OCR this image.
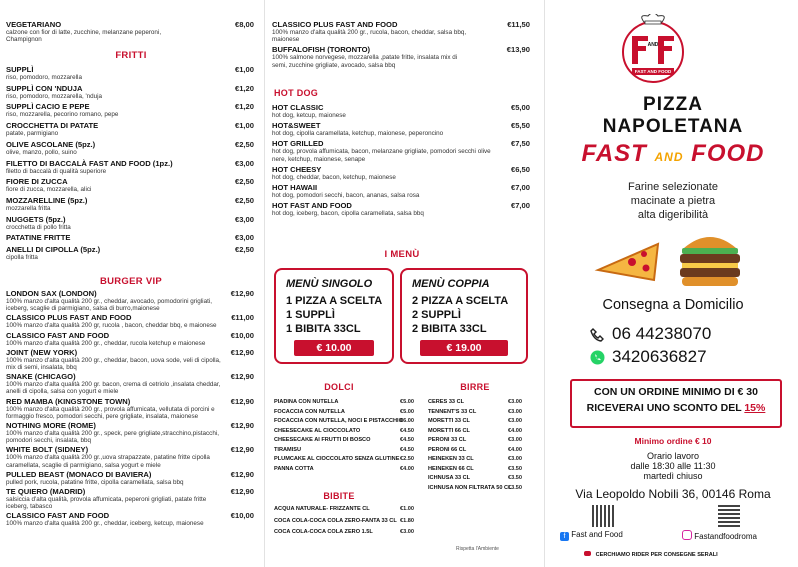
VEGETARIANO	€8,00
calzone con fior di latte, zucchine, melanzane peperoni, Champignon
FRITTI
SUPPLÌ	€1,00
riso, pomodoro, mozzarella
SUPPLÌ CON 'NDUJA	€1,20
riso, pomodoro, mozzarella, 'nduja
SUPPLÌ CACIO E PEPE	€1,20
riso, mozzarella, pecorino romano, pepe
CROCCHETTA DI PATATE	€1,00
patate, parmigiano
OLIVE ASCOLANE (5pz.)	€2,50
olive, manzo, pollo, suino
FILETTO DI BACCALÀ FAST AND FOOD (1pz.)	€3,00
filetto di baccalà di qualità superiore
FIORE DI ZUCCA	€2,50
fiore di zucca, mozzarella, alici
MOZZARELLINE (5pz.)	€2,50
mozzarella fritta
NUGGETS (5pz.)	€3,00
crocchetta di pollo fritta
PATATINE FRITTE	€3,00
ANELLI DI CIPOLLA (5pz.)	€2,50
cipolla fritta
BURGER VIP
LONDON SAX (LONDON)	€12,90
100% manzo d'alta qualità 200 gr., cheddar, avocado, pomodorini grigliati, iceberg, scaglie di parmigiano, salsa di burro,maionese
CLASSICO PLUS FAST AND FOOD	€11,00
100% manzo d'alta qualità 200 gr, rucola , bacon, cheddar bbq, e maionese
CLASSICO FAST AND FOOD	€10,00
100% manzo d'alta qualità 200 gr., cheddar, rucola ketchup e maionese
JOINT (NEW YORK)	€12,90
100% manzo d'alta qualità 200 gr., cheddar, bacon, uova sode, veli di cipolla, mix di semi, insalata, bbq
SNAKE (CHICAGO)	€12,90
100% manzo d'alta qualità 200 gr. bacon, crema di cetriolo ,insalata cheddar, anelli di cipolla, salsa con yogurt e miele
RED MAMBA (KINGSTONE TOWN)	€12,90
100% manzo d'alta qualità 200 gr., provola affumicata, vellutata di porcini e formaggio fresco, pomodori secchi, pere grigliate, insalata, maionese
NOTHING MORE (ROME)	€12,90
100% manzo d'alta qualità 200 gr., speck, pere grigliate,stracchino,pistacchi, pomodori secchi, insalata, bbq
WHITE BOLT (SIDNEY)	€12,90
100% manzo d'alta qualità 200 gr.,uova strapazzate, patatine fritte cipolla caramellata, scaglie di parmigiano, salsa yogurt e miele
PULLED BEAST (MONACO DI BAVIERA)	€12,90
pulled pork, rucola, patatine fritte, cipolla caramellata, salsa bbq
TE QUIERO (MADRID)	€12,90
salsiccia d'alta qualità, provola affumicata, peperoni grigliati, patate fritte iceberg, tabasco
CLASSICO FAST AND FOOD	€10,00
100% manzo d'alta qualità 200 gr., cheddar, iceberg, ketcup, maionese
CLASSICO PLUS FAST AND FOOD	€11,50
100% manzo d'alta qualità 200 gr., rucola, bacon, cheddar, salsa bbq, maionese
BUFFALOFISH (TORONTO)	€13,90
100% salmone norvegese, mozzarella ,patate fritte, insalata mix di semi, zucchine grigliate, avocado, salsa bbq
HOT DOG
HOT CLASSIC	€5,00
hot dog, ketcup, maionese
HOT&SWEET	€5,50
hot dog, cipolla caramellata, ketchup, maionese, peperoncino
HOT GRILLED	€7,50
hot dog, provola affumicata, bacon, melanzane grigliate, pomodori secchi olive nere, ketchup, maionese, senape
HOT CHEESY	€6,50
hot dog, cheddar, bacon, ketchup, maionese
HOT HAWAII	€7,00
hot dog, pomodori secchi, bacon, ananas, salsa rosa
HOT FAST AND FOOD	€7,00
hot dog, iceberg, bacon, cipolla caramellata, salsa bbq
I MENÙ
MENÙ SINGOLO
1 PIZZA A SCELTA
1 SUPPLÌ
1 BIBITA 33CL
€ 10.00
MENÙ COPPIA
2 PIZZA A SCELTA
2 SUPPLÌ
2 BIBITA 33CL
€ 19.00
DOLCI
PIADINA CON NUTELLA	€5.00
FOCACCIA CON NUTELLA	€5.00
FOCACCIA CON NUTELLA, NOCI E PISTACCHIO
€6.00
CHEESECAKE AL CIOCCOLATO	€4.50
CHEESECAKE AI FRUTTI DI BOSCO	€4.50
TIRAMISU	€4.50
PLUMCAKE AL CIOCCOLATO SENZA GLUTINE €2.50
PANNA COTTA	€4.00
BIRRE
CERES 33 CL	€3.00
TENNENT'S 33 CL	€3.00
MORETTI 33 CL	€3.00
MORETTI 66 CL	€4.00
PERONI 33 CL	€3.00
PERONI 66 CL	€4.00
HEINEKEN 33 CL	€3.00
HEINEKEN 66 CL	€3.50
ICHNUSA 33 CL	€3.50
ICHNUSA NON FILTRATA 50 CL
€3.50
BIBITE
ACQUA NATURALE- FRIZZANTE CL	€1.00
COCA COLA-COCA COLA ZERO-FANTA 33 CL €1.80
COCA COLA-COCA COLA ZERO 1.5L	€3.00
Rispetta l'Ambiente
AND
FAST AND FOOD
PIZZA
NAPOLETANA
FAST AND FOOD
Farine selezionate
macinate a pietra
alta digeribilità
Consegna a Domicilio
06 44238070
3420636827
CON UN ORDINE MINIMO DI € 30
RICEVERAI UNO SCONTO DEL 15%
Minimo ordine € 10
Orario lavoro
dalle 18:30 alle 11:30
martedì chiuso
Via Leopoldo Nobili 36, 00146 Roma
f Fast and Food	Fastandfoodroma
CERCHIAMO RIDER PER CONSEGNE SERALI
